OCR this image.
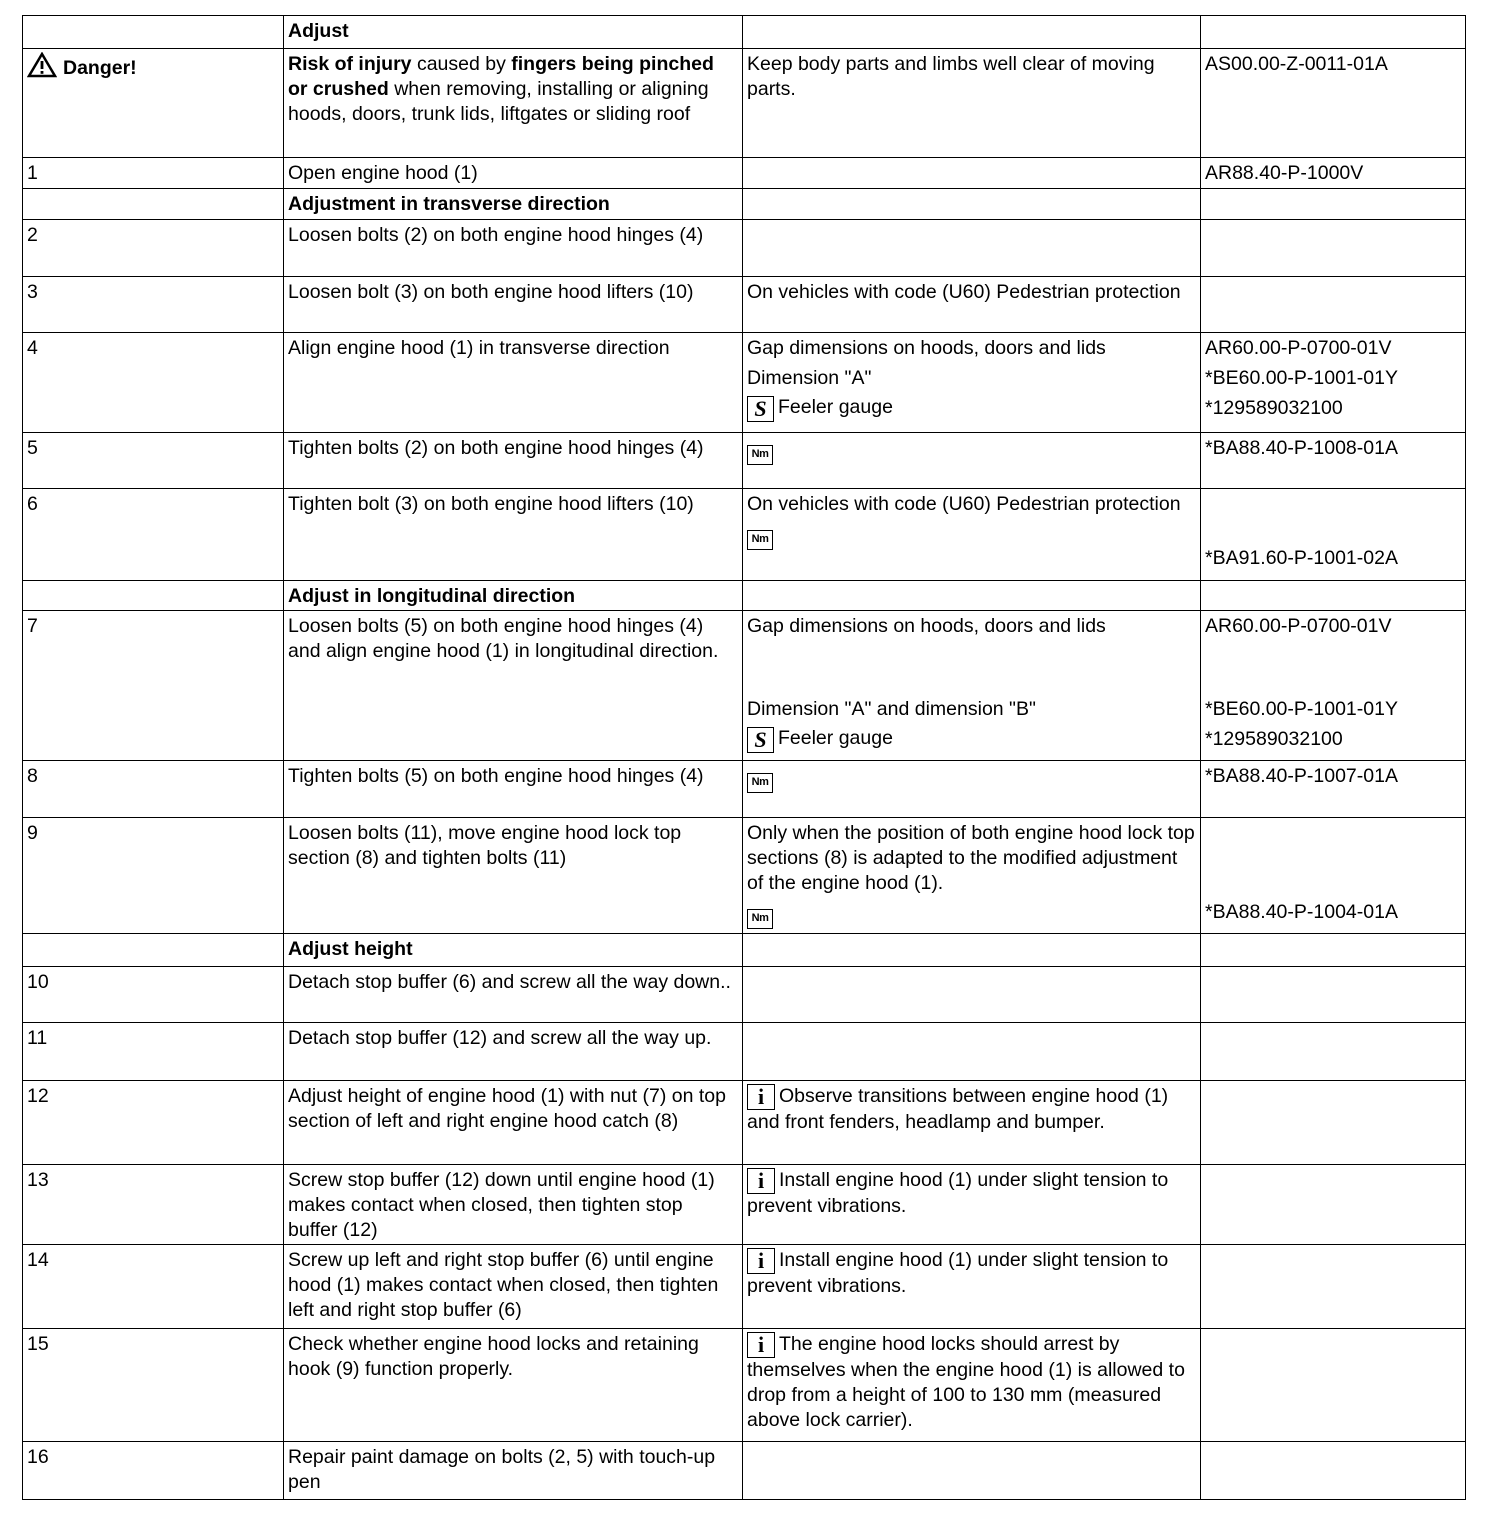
	Adjust		
Danger!	Risk of injury caused by fingers being pinched or crushed when removing, installing or aligning hoods, doors, trunk lids, liftgates or sliding roof	Keep body parts and limbs well clear of moving parts.	AS00.00-Z-0011-01A
1	Open engine hood (1)		AR88.40-P-1000V
	Adjustment in transverse direction		
2	Loosen bolts (2) on both engine hood hinges (4)		
3	Loosen bolt (3) on both engine hood lifters (10)	On vehicles with code (U60) Pedestrian protection	
4	Align engine hood (1) in transverse direction	Gap dimensions on hoods, doors and lids
Dimension "A"
S Feeler gauge	AR60.00-P-0700-01V
*BE60.00-P-1001-01Y
*129589032100

5	Tighten bolts (2) on both engine hood hinges (4)	Nm	*BA88.40-P-1008-01A
6	Tighten bolt (3) on both engine hood lifters (10)	On vehicles with code (U60) Pedestrian protection
Nm	*BA91.60-P-1001-02A

	Adjust in longitudinal direction		
7	Loosen bolts (5) on both engine hood hinges (4) and align engine hood (1) in longitudinal direction.	Gap dimensions on hoods, doors and lids
Dimension "A" and dimension "B"
S Feeler gauge	AR60.00-P-0700-01V
*BE60.00-P-1001-01Y
*129589032100

8	Tighten bolts (5) on both engine hood hinges (4)	Nm	*BA88.40-P-1007-01A
9	Loosen bolts (11), move engine hood lock top section (8) and tighten bolts (11)	Only when the position of both engine hood lock top sections (8) is adapted to the modified adjustment of the engine hood (1).
Nm	*BA88.40-P-1004-01A

	Adjust height		
10	Detach stop buffer (6) and screw all the way down..		
11	Detach stop buffer (12) and screw all the way up.		
12	Adjust height of engine hood (1) with nut (7) on top section of left and right engine hood catch (8)	i Observe transitions between engine hood (1) and front fenders, headlamp and bumper.	
13	Screw stop buffer (12) down until engine hood (1) makes contact when closed, then tighten stop buffer (12)	i Install engine hood (1) under slight tension to prevent vibrations.	
14	Screw up left and right stop buffer (6) until engine hood (1) makes contact when closed, then tighten left and right stop buffer (6)	i Install engine hood (1) under slight tension to prevent vibrations.	
15	Check whether engine hood locks and retaining hook (9) function properly.	i The engine hood locks should arrest by themselves when the engine hood (1) is allowed to drop from a height of 100 to 130 mm (measured above lock carrier).	
16	Repair paint damage on bolts (2, 5) with touch-up pen		
